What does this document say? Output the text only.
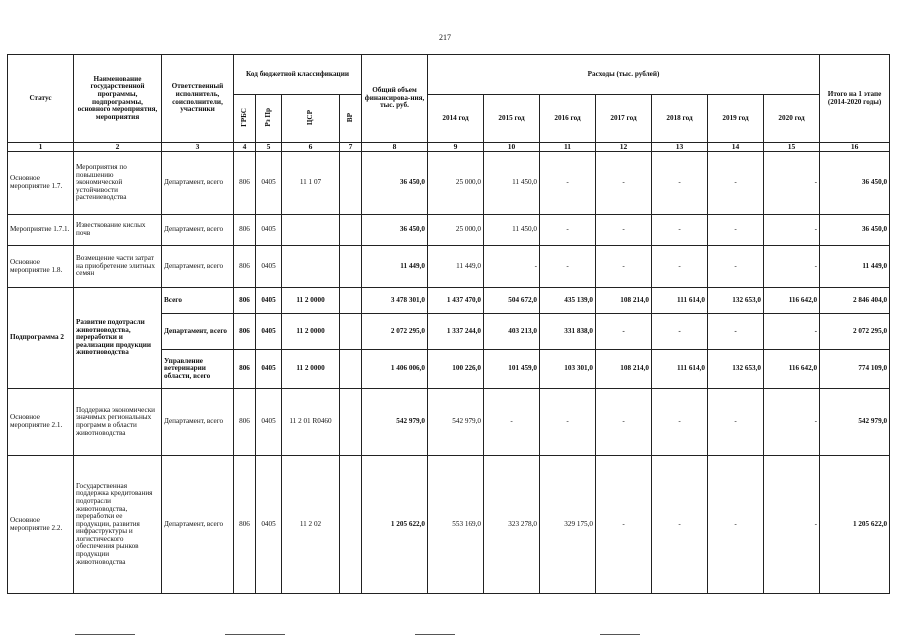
217
Статус	Наименование государственной программы, подпрограммы, основного мероприятия, мероприятия	Ответственный исполнитель, соисполнители, участники	Код бюджетной классификации				Общий объем финансирова-ния, тыс. руб.	Расходы (тыс. рублей)							Итого на 1 этапе (2014-2020 годы)
			ГРБС	Рз Пр	ЦСР	ВР		2014 год	2015 год	2016 год	2017 год	2018 год	2019 год	2020 год	
1	2	3	4	5	6	7	8	9	10	11	12	13	14	15	16
Основное мероприятие 1.7.	Мероприятия по повышению экономической устойчивости растениеводства	Департамент, всего	806	0405	11 1 07		36 450,0	25 000,0	11 450,0	-	-	-	-	-	36 450,0
Мероприятие 1.7.1.	Известкование кислых почв	Департамент, всего	806	0405			36 450,0	25 000,0	11 450,0	-	-	-	-	-	36 450,0
Основное мероприятие 1.8.	Возмещение части затрат на приобретение элитных семян	Департамент, всего	806	0405			11 449,0	11 449,0	-	-	-	-	-	-	11 449,0
Подпрограмма 2	Развитие подотрасли животноводства, переработки и реализации продукции животноводства	Всего	806	0405	11 2 0000		3 478 301,0	1 437 470,0	504 672,0	435 139,0	108 214,0	111 614,0	132 653,0	116 642,0	2 846 404,0
		Департамент, всего	806	0405	11 2 0000		2 072 295,0	1 337 244,0	403 213,0	331 838,0	-	-	-	-	2 072 295,0
		Управление ветеринарии области, всего	806	0405	11 2 0000		1 406 006,0	100 226,0	101 459,0	103 301,0	108 214,0	111 614,0	132 653,0	116 642,0	774 109,0
Основное мероприятие 2.1.	Поддержка экономически значимых региональных программ в области животноводства	Департамент, всего	806	0405	11 2 01 R0460		542 979,0	542 979,0	-	-	-	-	-	-	542 979,0
Основное мероприятие 2.2.	Государственная поддержка кредитования подотрасли животноводства, переработки ее продукции, развития инфраструктуры и логистического обеспечения рынков продукции животноводства	Департамент, всего	806	0405	11 2 02		1 205 622,0	553 169,0	323 278,0	329 175,0	-	-	-	-	1 205 622,0
